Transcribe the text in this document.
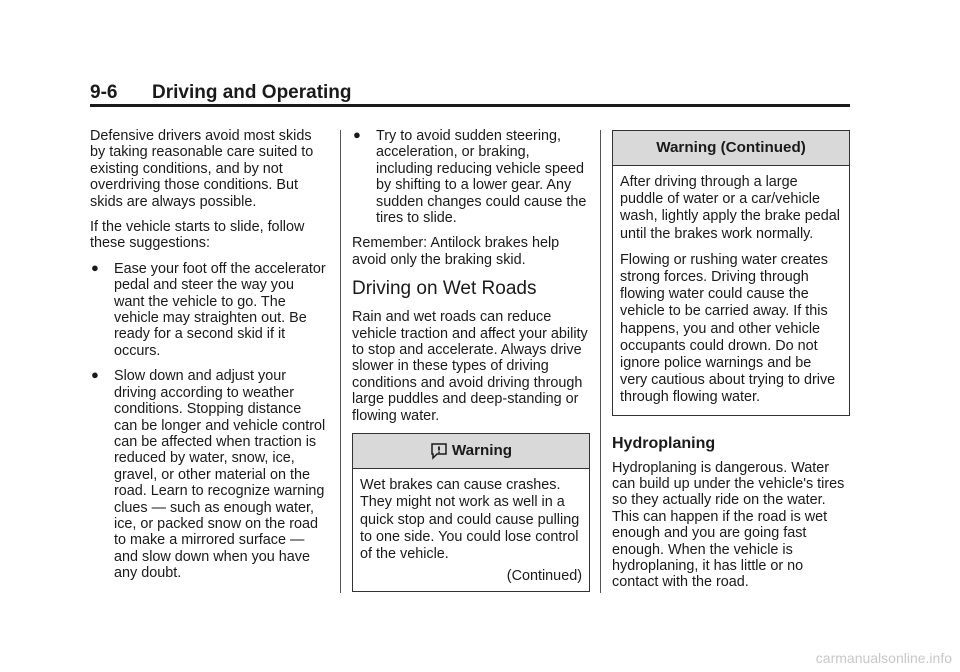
9-6 Driving and Operating

Defensive drivers avoid most skids by taking reasonable care suited to existing conditions, and by not overdriving those conditions. But skids are always possible.

If the vehicle starts to slide, follow these suggestions:

● Ease your foot off the accelerator pedal and steer the way you want the vehicle to go. The vehicle may straighten out. Be ready for a second skid if it occurs.
● Slow down and adjust your driving according to weather conditions. Stopping distance can be longer and vehicle control can be affected when traction is reduced by water, snow, ice, gravel, or other material on the road. Learn to recognize warning clues — such as enough water, ice, or packed snow on the road to make a mirrored surface — and slow down when you have any doubt.
● Try to avoid sudden steering, acceleration, or braking, including reducing vehicle speed by shifting to a lower gear. Any sudden changes could cause the tires to slide.

Remember: Antilock brakes help avoid only the braking skid.

Driving on Wet Roads

Rain and wet roads can reduce vehicle traction and affect your ability to stop and accelerate. Always drive slower in these types of driving conditions and avoid driving through large puddles and deep-standing or flowing water.

Warning

Wet brakes can cause crashes. They might not work as well in a quick stop and could cause pulling to one side. You could lose control of the vehicle.

(Continued)
Warning (Continued)

After driving through a large puddle of water or a car/vehicle wash, lightly apply the brake pedal until the brakes work normally.

Flowing or rushing water creates strong forces. Driving through flowing water could cause the vehicle to be carried away. If this happens, you and other vehicle occupants could drown. Do not ignore police warnings and be very cautious about trying to drive through flowing water.

Hydroplaning

Hydroplaning is dangerous. Water can build up under the vehicle's tires so they actually ride on the water. This can happen if the road is wet enough and you are going fast enough. When the vehicle is hydroplaning, it has little or no contact with the road.

carmanualsonline.info
